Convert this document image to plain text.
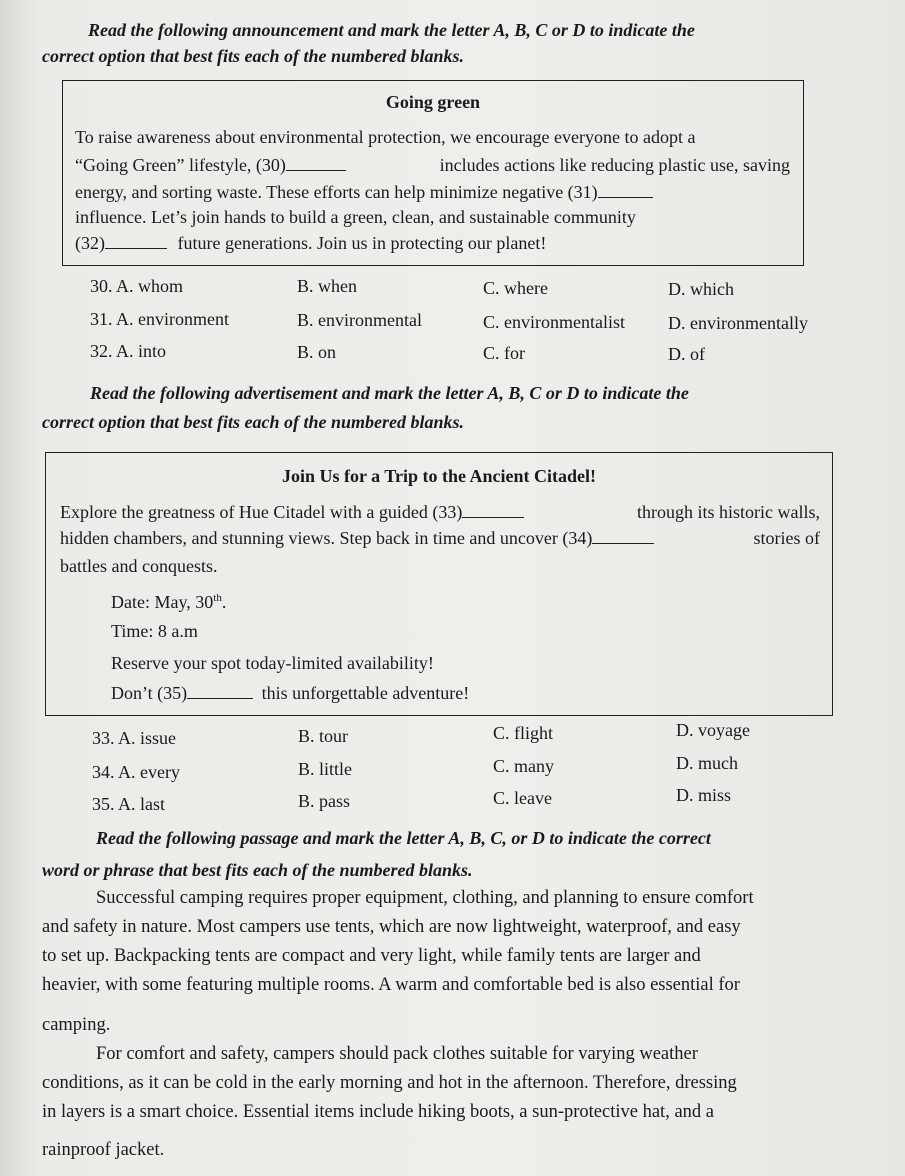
Read the following announcement and mark the letter A, B, C or D to indicate the
correct option that best fits each of the numbered blanks.
Going green
To raise awareness about environmental protection, we encourage everyone to adopt a
“Going Green” lifestyle, (30)	includes actions like reducing plastic use, saving
energy, and sorting waste. These efforts can help minimize negative (31)
influence. Let’s join hands to build a green, clean, and sustainable community
(32)	future generations. Join us in protecting our planet!
30. A. whom	B. when	C. where	D. which
31. A. environment	B. environmental	C. environmentalist D. environmentally
32. A. into	B. on	C. for	D. of
Read the following advertisement and mark the letter A, B, C or D to indicate the
correct option that best fits each of the numbered blanks.
Join Us for a Trip to the Ancient Citadel!
Explore the greatness of Hue Citadel with a guided (33)	through its historic walls,
hidden chambers, and stunning views. Step back in time and uncover (34)	stories of
battles and conquests.
Date: May, 30th.
Time: 8 a.m
Reserve your spot today-limited availability!
Don’t (35)	this unforgettable adventure!
33. A. issue	B. tour	C. flight	D. voyage
34. A. every	B. little	C. many	D. much
35. A. last	B. pass	C. leave	D. miss
Read the following passage and mark the letter A, B, C, or D to indicate the correct
word or phrase that best fits each of the numbered blanks.
Successful camping requires proper equipment, clothing, and planning to ensure comfort
and safety in nature. Most campers use tents, which are now lightweight, waterproof, and easy
to set up. Backpacking tents are compact and very light, while family tents are larger and
heavier, with some featuring multiple rooms. A warm and comfortable bed is also essential for
camping.
For comfort and safety, campers should pack clothes suitable for varying weather
conditions, as it can be cold in the early morning and hot in the afternoon. Therefore, dressing
in layers is a smart choice. Essential items include hiking boots, a sun-protective hat, and a
rainproof jacket.
